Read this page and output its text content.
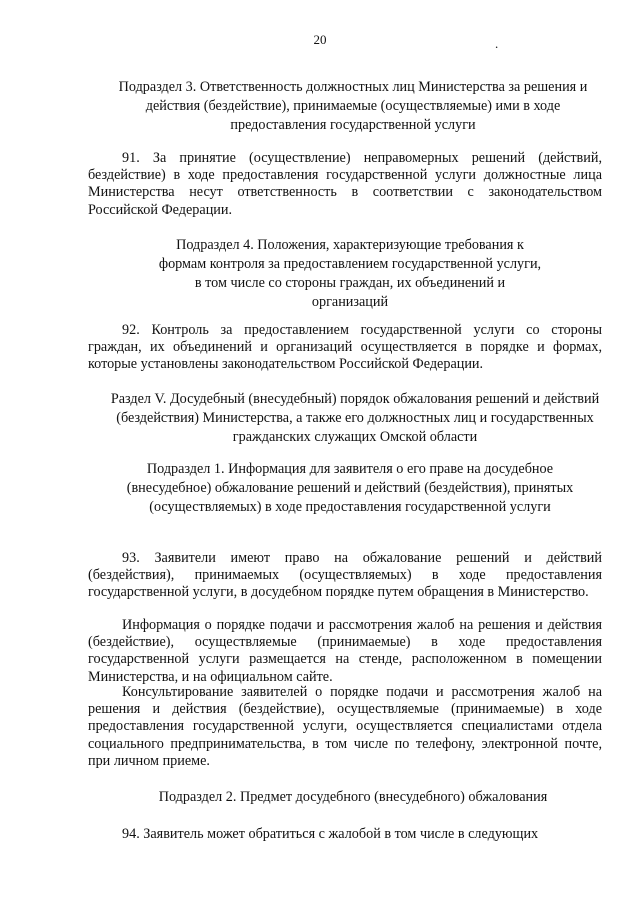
20	.
Подраздел 3. Ответственность должностных лиц Министерства за решения и действия (бездействие), принимаемые (осуществляемые) ими в ходе предоставления государственной услуги
91. За принятие (осуществление) неправомерных решений (действий, бездействие) в ходе предоставления государственной услуги должностные лица Министерства несут ответственность в соответствии с законодательством Российской Федерации.
Подраздел 4. Положения, характеризующие требования к формам контроля за предоставлением государственной услуги, в том числе со стороны граждан, их объединений и организаций
92. Контроль за предоставлением государственной услуги со стороны граждан, их объединений и организаций осуществляется в порядке и формах, которые установлены законодательством Российской Федерации.
Раздел V. Досудебный (внесудебный) порядок обжалования решений и действий (бездействия) Министерства, а также его должностных лиц и государственных гражданских служащих Омской области
Подраздел 1. Информация для заявителя о его праве на досудебное (внесудебное) обжалование решений и действий (бездействия), принятых (осуществляемых) в ходе предоставления государственной услуги
93. Заявители имеют право на обжалование решений и действий (бездействия), принимаемых (осуществляемых) в ходе предоставления государственной услуги, в досудебном порядке путем обращения в Министерство.
Информация о порядке подачи и рассмотрения жалоб на решения и действия (бездействие), осуществляемые (принимаемые) в ходе предоставления государственной услуги размещается на стенде, расположенном в помещении Министерства, и на официальном сайте.
Консультирование заявителей о порядке подачи и рассмотрения жалоб на решения и действия (бездействие), осуществляемые (принимаемые) в ходе предоставления государственной услуги, осуществляется специалистами отдела социального предпринимательства, в том числе по телефону, электронной почте, при личном приеме.
Подраздел 2. Предмет досудебного (внесудебного) обжалования
94. Заявитель может обратиться с жалобой в том числе в следующих
